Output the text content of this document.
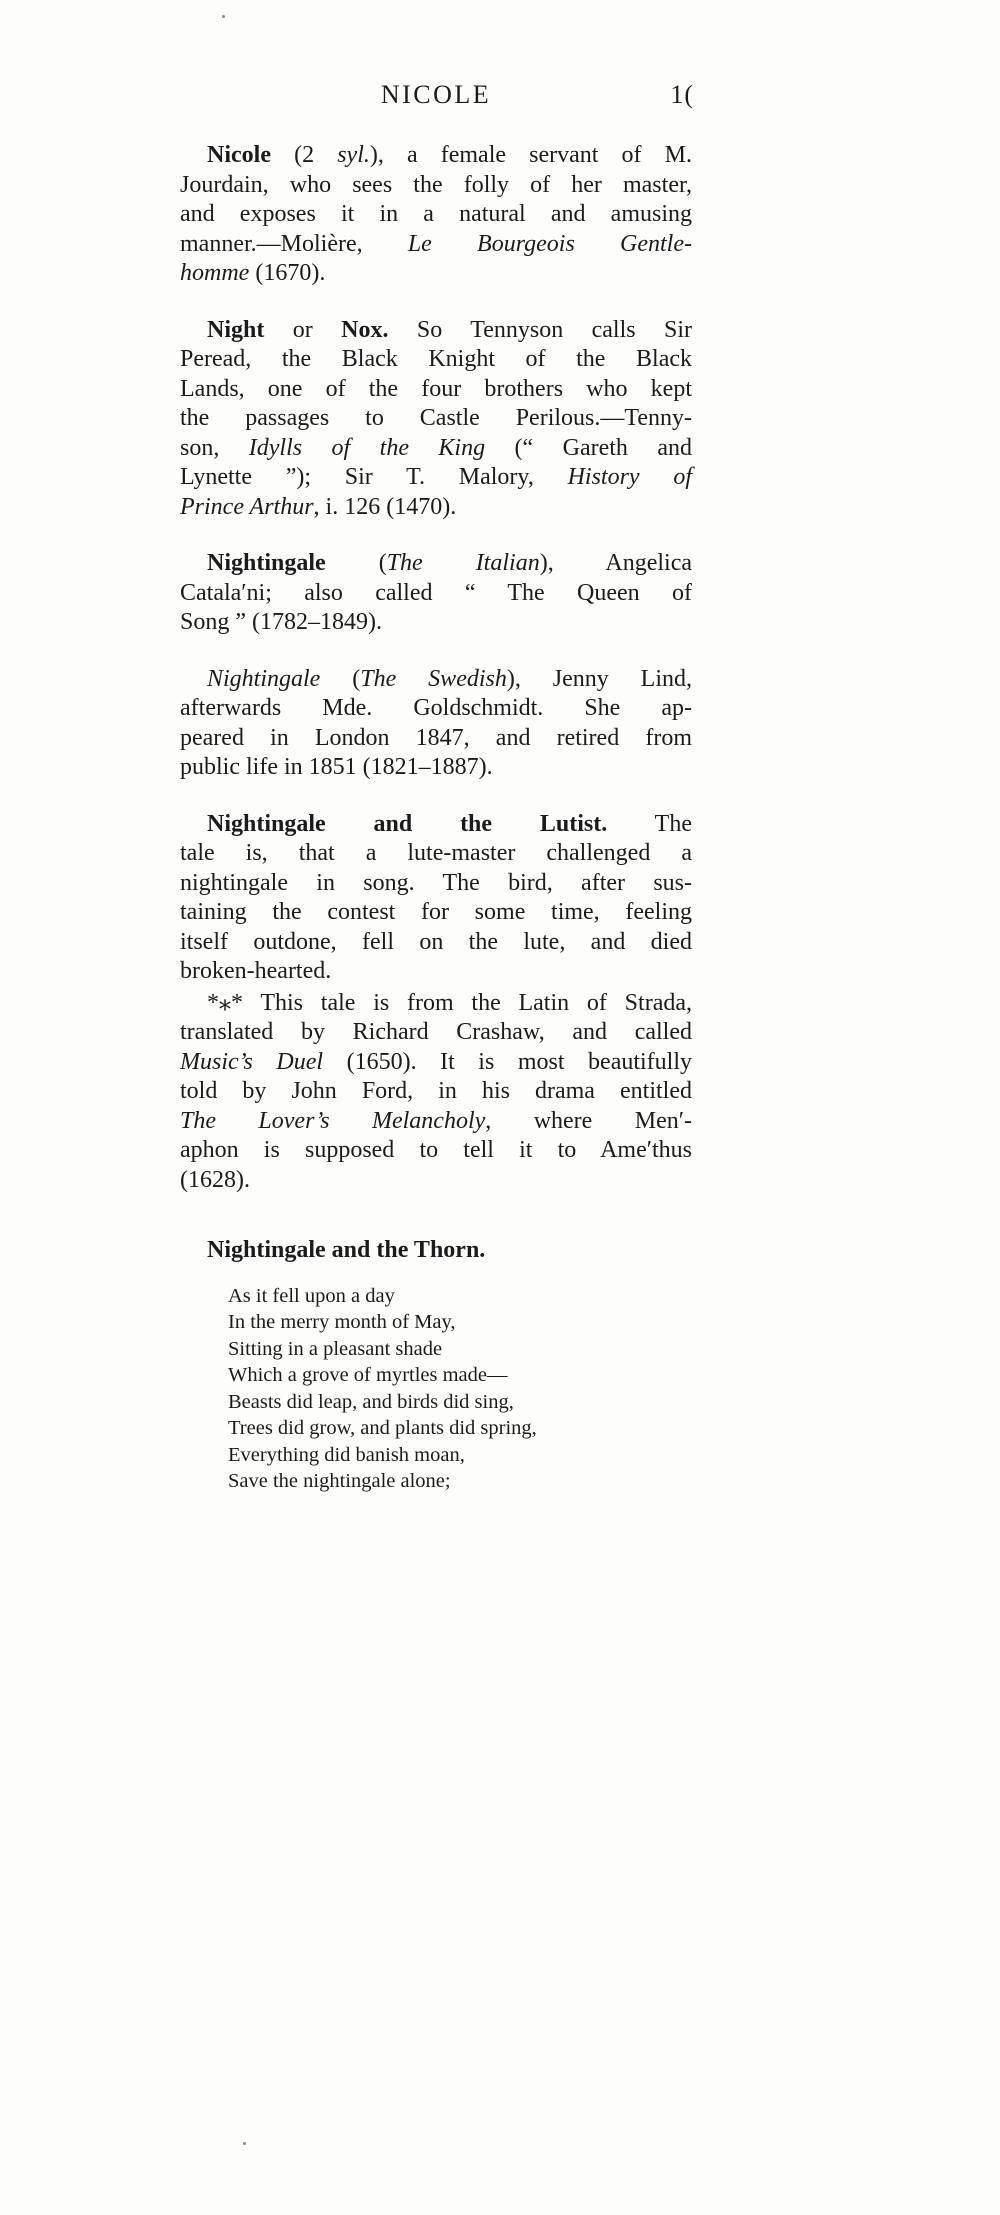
NICOLE	1(
Nicole (2 syl.), a female servant of M.
Jourdain, who sees the folly of her master,
and exposes it in a natural and amusing
manner.—Molière, Le Bourgeois Gentle-
homme (1670).
Night or Nox. So Tennyson calls Sir
Peread, the Black Knight of the Black
Lands, one of the four brothers who kept
the passages to Castle Perilous.—Tenny-
son, Idylls of the King (“ Gareth and
Lynette ”); Sir T. Malory, History of
Prince Arthur, i. 126 (1470).
Nightingale (The Italian), Angelica
Catala′ni; also called “ The Queen of
Song ” (1782–1849).
Nightingale (The Swedish), Jenny Lind,
afterwards Mde. Goldschmidt. She ap-
peared in London 1847, and retired from
public life in 1851 (1821–1887).
Nightingale and the Lutist. The
tale is, that a lute-master challenged a
nightingale in song. The bird, after sus-
taining the contest for some time, feeling
itself outdone, fell on the lute, and died
broken-hearted.
*⁎* This tale is from the Latin of Strada,
translated by Richard Crashaw, and called
Music’s Duel (1650). It is most beautifully
told by John Ford, in his drama entitled
The Lover’s Melancholy, where Men′-
aphon is supposed to tell it to Ame′thus
(1628).
Nightingale and the Thorn.
As it fell upon a day
In the merry month of May,
Sitting in a pleasant shade
Which a grove of myrtles made—
Beasts did leap, and birds did sing,
Trees did grow, and plants did spring,
Everything did banish moan,
Save the nightingale alone;
